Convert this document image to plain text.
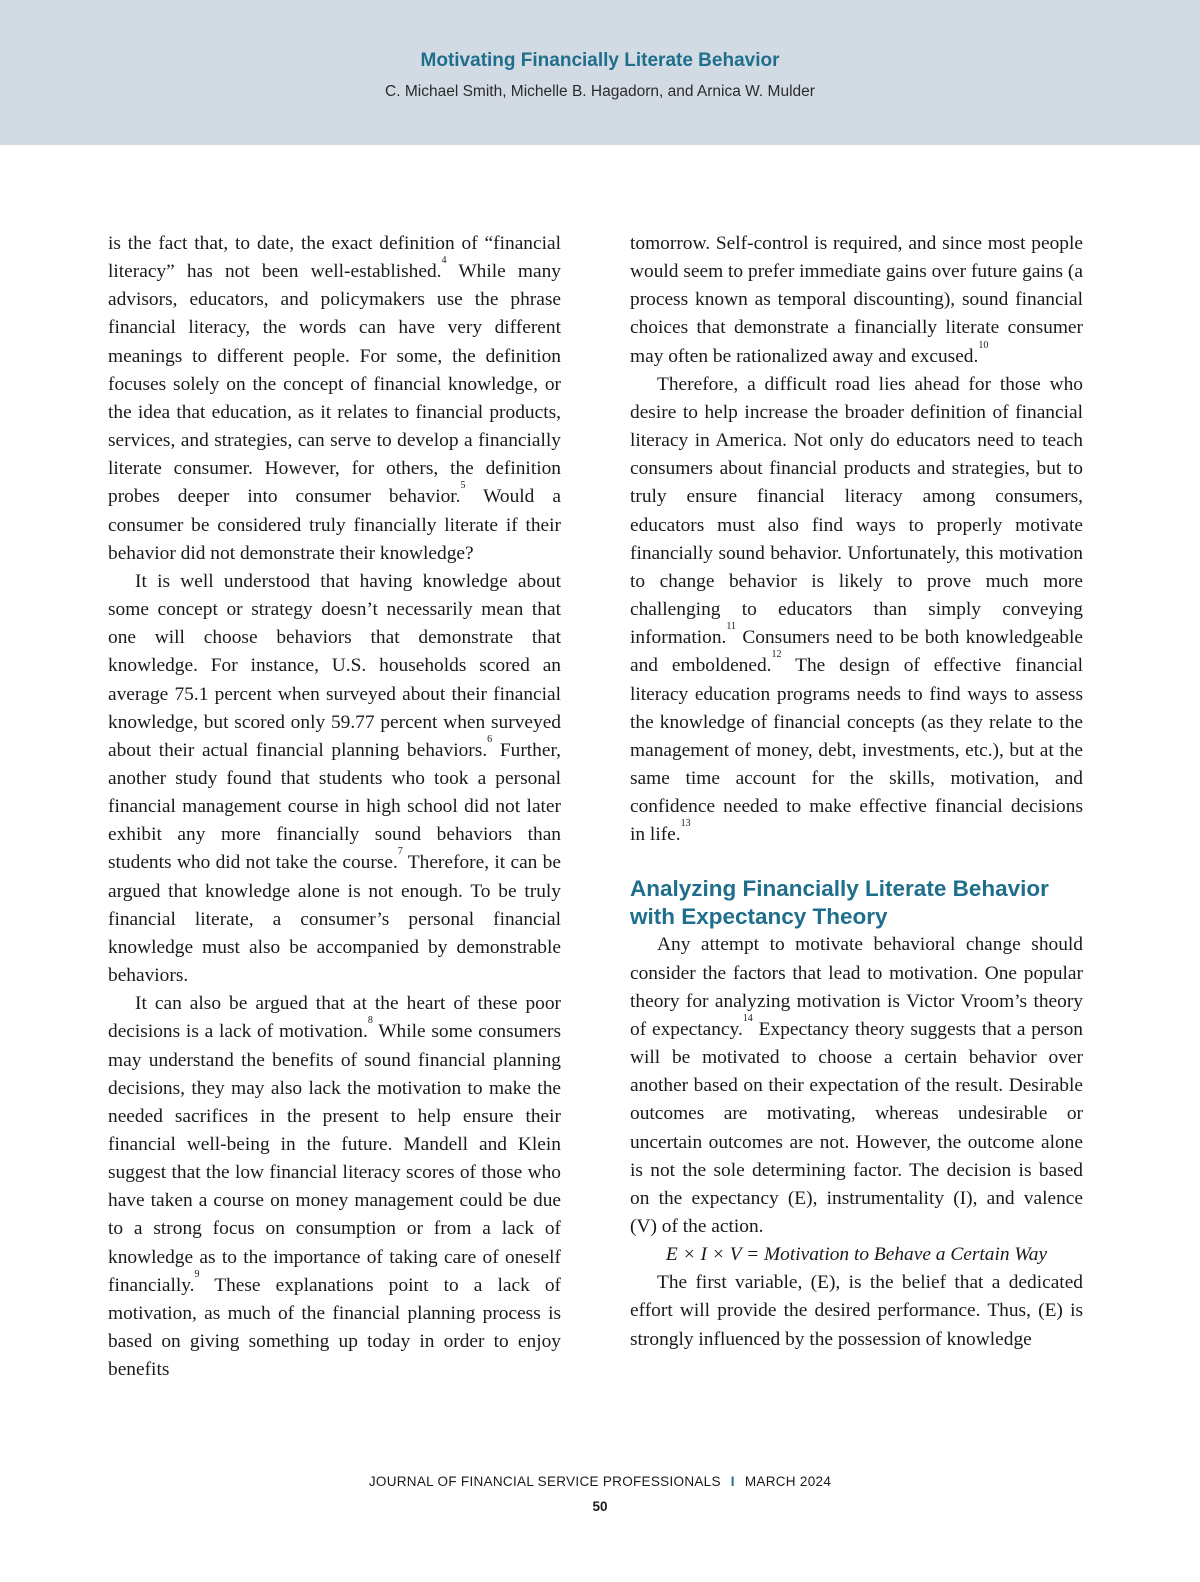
Motivating Financially Literate Behavior
C. Michael Smith, Michelle B. Hagadorn, and Arnica W. Mulder

is the fact that, to date, the exact definition of “financial literacy” has not been well-established.$^4$ While many advisors, educators, and policymakers use the phrase financial literacy, the words can have very different meanings to different people. For some, the definition focuses solely on the concept of financial knowledge, or the idea that education, as it relates to financial products, services, and strategies, can serve to develop a financially literate consumer. However, for others, the definition probes deeper into consumer behavior.$^5$ Would a consumer be considered truly financially literate if their behavior did not demonstrate their knowledge?

It is well understood that having knowledge about some concept or strategy doesn’t necessarily mean that one will choose behaviors that demonstrate that knowledge. For instance, U.S. households scored an average 75.1 percent when surveyed about their financial knowledge, but scored only 59.77 percent when surveyed about their actual financial planning behaviors.$^6$ Further, another study found that students who took a personal financial management course in high school did not later exhibit any more financially sound behaviors than students who did not take the course.$^7$ Therefore, it can be argued that knowledge alone is not enough. To be truly financial literate, a consumer’s personal financial knowledge must also be accompanied by demonstrable behaviors.

It can also be argued that at the heart of these poor decisions is a lack of motivation.$^8$ While some consumers may understand the benefits of sound financial planning decisions, they may also lack the motivation to make the needed sacrifices in the present to help ensure their financial well-being in the future. Mandell and Klein suggest that the low financial literacy scores of those who have taken a course on money management could be due to a strong focus on consumption or from a lack of knowledge as to the importance of taking care of oneself financially.$^9$ These explanations point to a lack of motivation, as much of the financial planning process is based on giving something up today in order to enjoy benefits

tomorrow. Self-control is required, and since most people would seem to prefer immediate gains over future gains (a process known as temporal discounting), sound financial choices that demonstrate a financially literate consumer may often be rationalized away and excused.$^{10}$

Therefore, a difficult road lies ahead for those who desire to help increase the broader definition of financial literacy in America. Not only do educators need to teach consumers about financial products and strategies, but to truly ensure financial literacy among consumers, educators must also find ways to properly motivate financially sound behavior. Unfortunately, this motivation to change behavior is likely to prove much more challenging to educators than simply conveying information.$^{11}$ Consumers need to be both knowledgeable and emboldened.$^{12}$ The design of effective financial literacy education programs needs to find ways to assess the knowledge of financial concepts (as they relate to the management of money, debt, investments, etc.), but at the same time account for the skills, motivation, and confidence needed to make effective financial decisions in life.$^{13}$

Analyzing Financially Literate Behavior with Expectancy Theory

Any attempt to motivate behavioral change should consider the factors that lead to motivation. One popular theory for analyzing motivation is Victor Vroom’s theory of expectancy.$^{14}$ Expectancy theory suggests that a person will be motivated to choose a certain behavior over another based on their expectation of the result. Desirable outcomes are motivating, whereas undesirable or uncertain outcomes are not. However, the outcome alone is not the sole determining factor. The decision is based on the expectancy (E), instrumentality (I), and valence (V) of the action.

E × I × V = Motivation to Behave a Certain Way

The first variable, (E), is the belief that a dedicated effort will provide the desired performance. Thus, (E) is strongly influenced by the possession of knowledge

JOURNAL OF FINANCIAL SERVICE PROFESSIONALS I MARCH 2024
50
